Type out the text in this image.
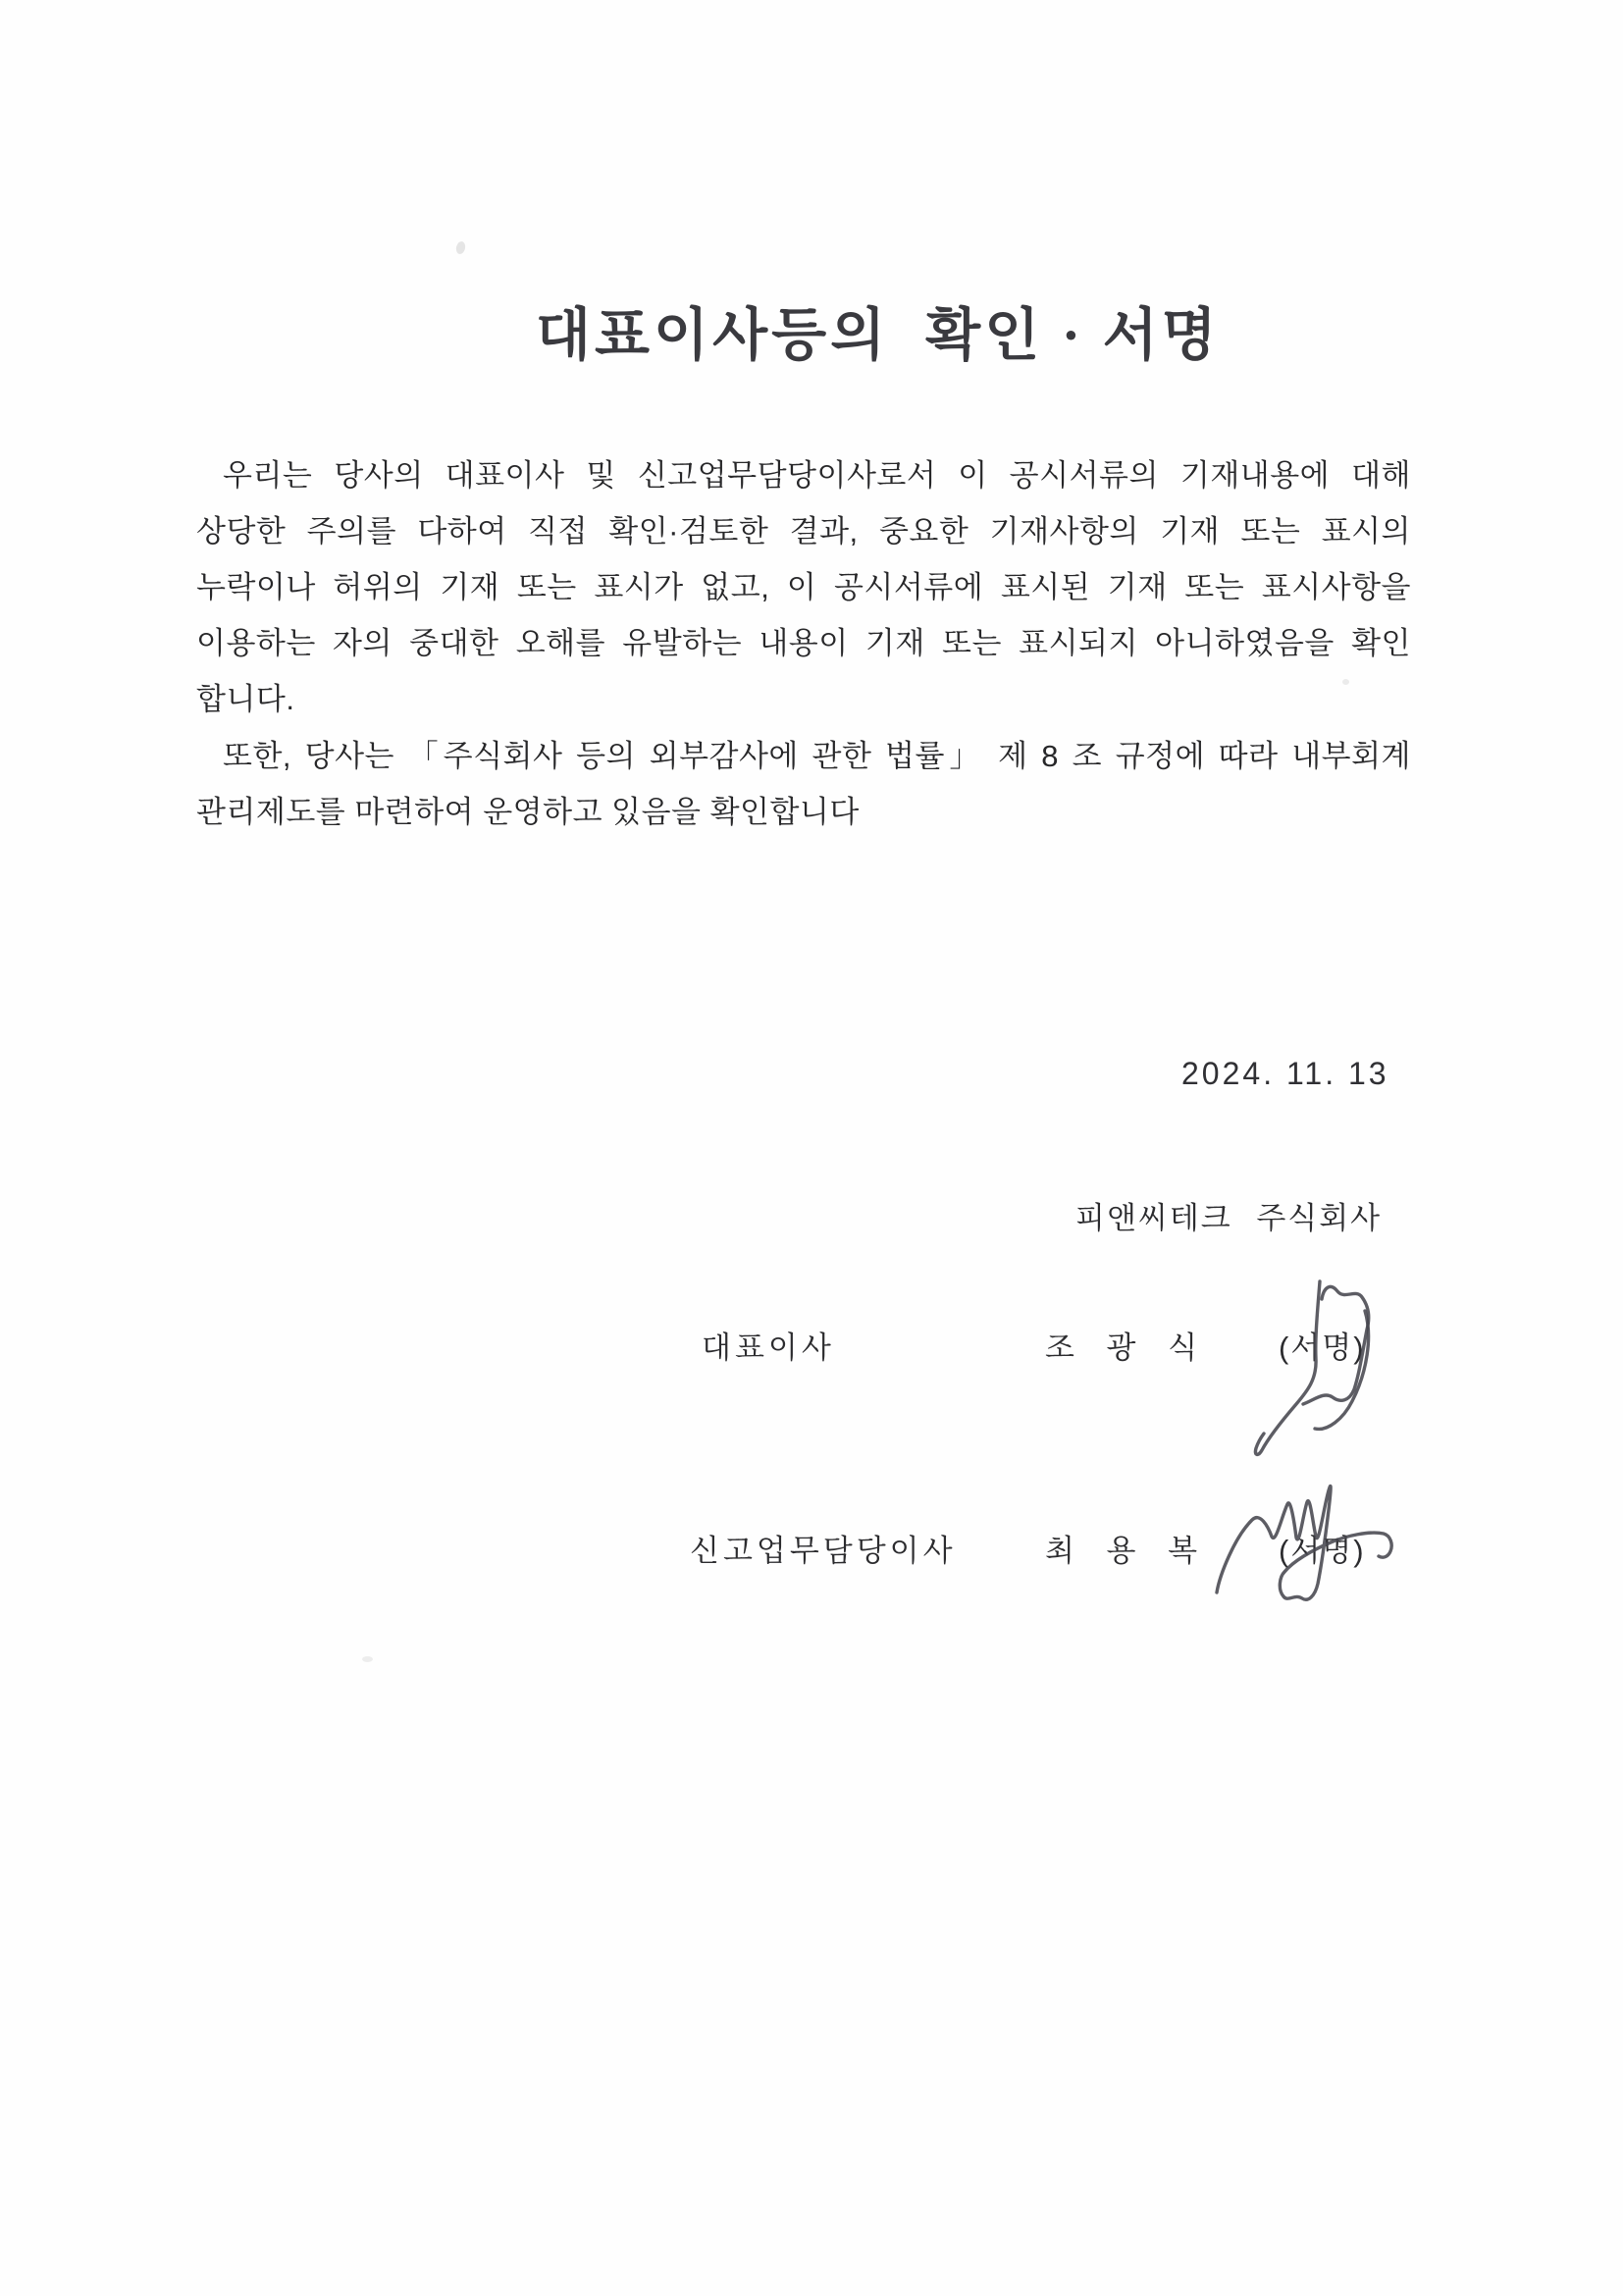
대표이사등의  확인 · 서명
우리는 당사의 대표이사 및 신고업무담당이사로서 이 공시서류의 기재내용에 대해
상당한 주의를 다하여 직접 확인·검토한 결과, 중요한 기재사항의 기재 또는 표시의
누락이나 허위의 기재 또는 표시가 없고, 이 공시서류에 표시된 기재 또는 표시사항을
이용하는 자의 중대한 오해를 유발하는 내용이 기재 또는 표시되지 아니하였음을 확인
합니다.
또한, 당사는 「주식회사 등의 외부감사에 관한 법률」 제 8 조 규정에 따라 내부회계
관리제도를 마련하여 운영하고 있음을 확인합니다
2024. 11. 13
피앤씨테크 주식회사
대표이사	조 광 식	(서명)
신고업무담당이사	최 용 복	(서명)
